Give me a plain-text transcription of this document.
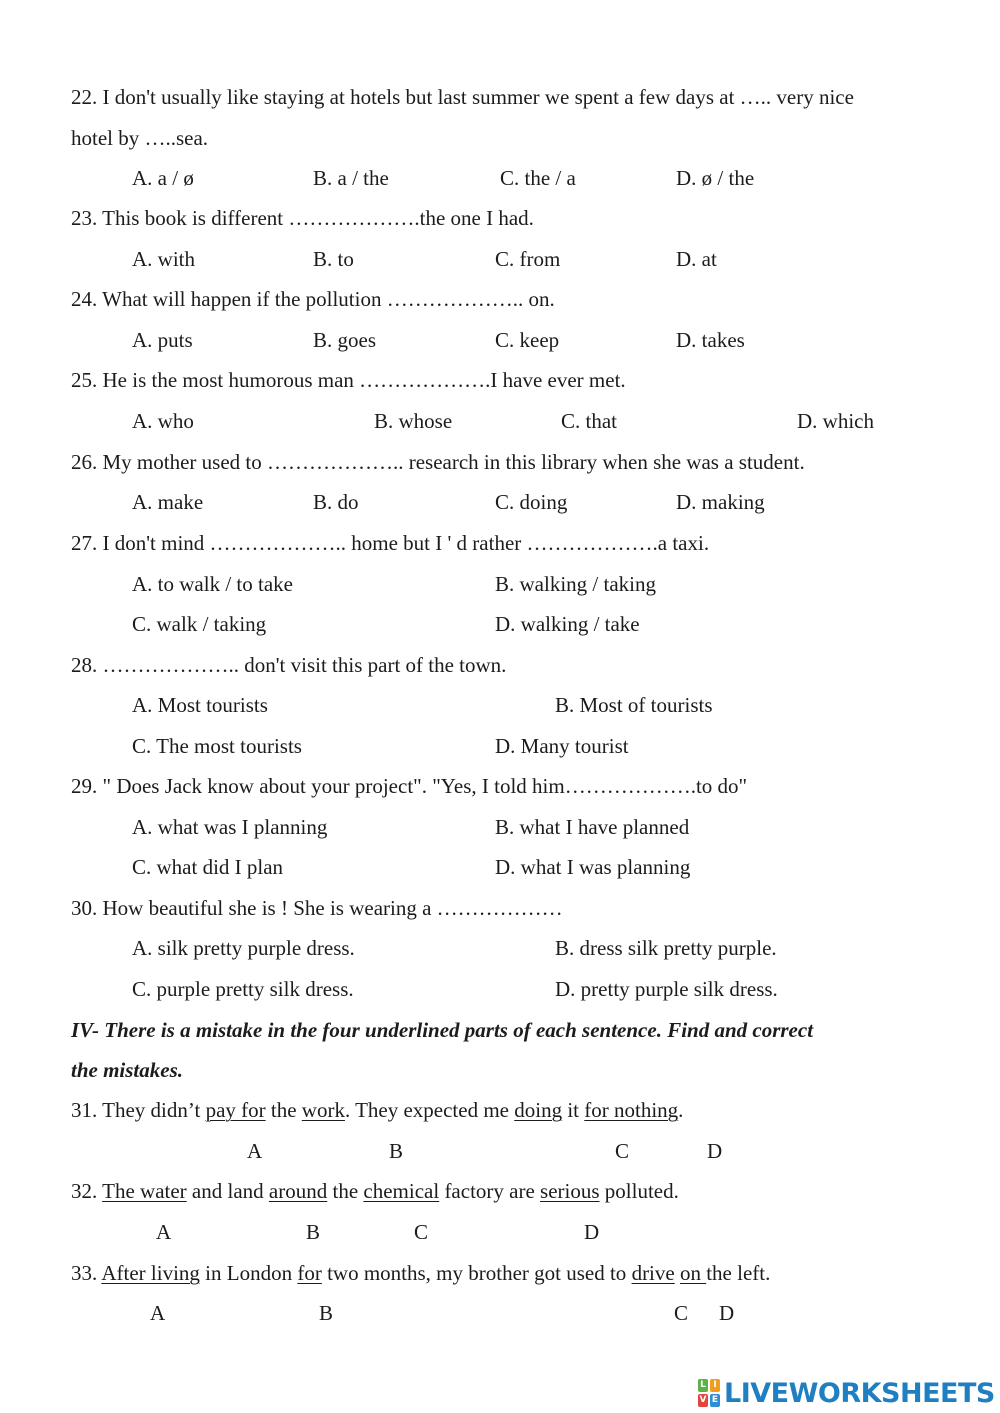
22. I don't usually like staying at hotels but last summer we spent a few days at ….. very nice
hotel by …..sea.
A. a / ø	B. a / the	C. the / a	D. ø / the
23. This book is different ……………….the one I had.
A. with	B. to	C. from	D. at
24. What will happen if the pollution ……………….. on.
A. puts	B. goes	C. keep	D. takes
25. He is the most humorous man ……………….I have ever met.
A. who	B. whose	C. that	D. which
26. My mother used to ……………….. research in this library when she was a student.
A. make	B. do	C. doing	D. making
27. I don't mind ……………….. home but I ' d rather ……………….a taxi.
A. to walk / to take	B. walking / taking
C. walk / taking	D. walking / take
28. ……………….. don't visit this part of the town.
A. Most tourists	B. Most of tourists
C. The most tourists	D. Many tourist
29. " Does Jack know about your project". "Yes, I told him……………….to do"
A. what was I planning	B. what I have planned
C. what did I plan	D. what I was planning
30. How beautiful she is ! She is wearing a ………………
A. silk pretty purple dress.	B. dress silk pretty purple.
C. purple pretty silk dress.	D. pretty purple silk dress.
IV- There is a mistake in the four underlined parts of each sentence. Find and correct
the mistakes.
31. They didn’t pay for the work. They expected me doing it for nothing.
A	B	C	D
32. The water and land around the chemical factory are serious polluted.
A	B	C	D
33. After living in London for two months, my brother got used to drive on the left.
A	B	C D
L I
V E LIVEWORKSHEETS
